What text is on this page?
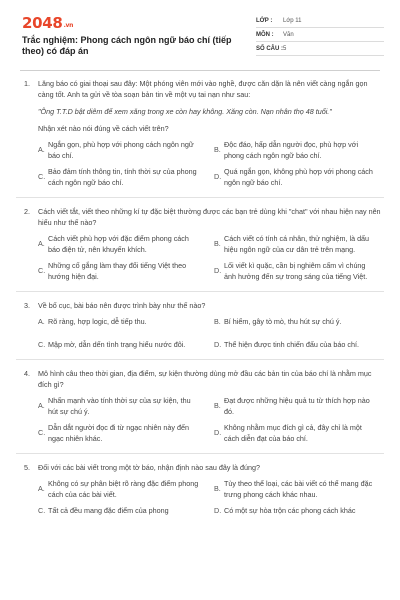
2048.vn
Trắc nghiệm: Phong cách ngôn ngữ báo chí (tiếp theo) có đáp án
LỚP :	Lớp 11
MÔN :	Văn
SỐ CÂU : 5
1.	Lăng báo có giai thoại sau đây: Một phóng viên mới vào nghề, được căn dặn là nên viết càng ngắn gọn càng tốt. Anh ta gửi về tòa soạn bản tin về một vụ tai nạn như sau:
"Ông T.T.D bật diêm để xem xăng trong xe còn hay không. Xăng còn. Nạn nhân thọ 48 tuổi."
Nhận xét nào nói đúng về cách viết trên?
A.
Ngắn gọn, phù hợp với phong cách ngôn ngữ báo chí.
B.
Độc đáo, hấp dẫn người đọc, phù hợp với phong cách ngôn ngữ báo chí.
C.
Bảo đảm tính thông tin, tính thời sự của phong cách ngôn ngữ báo chí.
D.
Quá ngắn gọn, không phù hợp với phong cách ngôn ngữ báo chí.
2.	Cách viết tắt, viết theo những kí tự đặc biệt thường được các bạn trẻ dùng khi "chat" với nhau hiện nay nên hiểu như thế nào?
A.
Cách viết phù hợp với đặc điểm phong cách báo điện tử, nên khuyến khích.
B.
Cách viết có tính cá nhân, thử nghiệm, là dấu hiệu ngôn ngữ của cư dân trẻ trên mạng.
C.
Những cố gắng làm thay đổi tiếng Việt theo hướng hiện đại.
D.
Lối viết kì quặc, cần bị nghiêm cấm vì chúng ảnh hưởng đến sự trong sáng của tiếng Việt.
3.	Về bố cục, bài báo nên được trình bày như thế nào?
A. Rõ ràng, hợp logic, dễ tiếp thu.	B. Bí hiểm, gây tò mò, thu hút sự chú ý.
C. Mập mờ, dẫn dến tình trạng hiểu nước đôi.	D. Thể hiện được tinh chiến đấu của báo chí.
4.	Mô hình câu theo thời gian, địa điểm, sự kiện thường dùng mở đầu các bản tin của báo chí là nhằm mục đích gì?
A.
Nhấn mạnh vào tính thời sự của sự kiện, thu hút sự chú ý.
B.
Đạt được những hiệu quả tu từ thích hợp nào đó.
C.
Dẫn dắt người đọc đi từ ngạc nhiên này đến ngạc nhiên khác.
D.
Không nhằm mục đích gì cả, đây chỉ là một cách diễn đạt của báo chí.
5.	Đối với các bài viết trong một tờ báo, nhận định nào sau đây là đúng?
A.
Không có sự phân biệt rõ ràng đặc điểm phong cách của các bài viết.
B.
Tùy theo thể loại, các bài viết có thể mang đặc trưng phong cách khác nhau.
C. Tất cả đều mang đặc điểm của phong	D. Có một sự hòa trộn các phong cách khác
